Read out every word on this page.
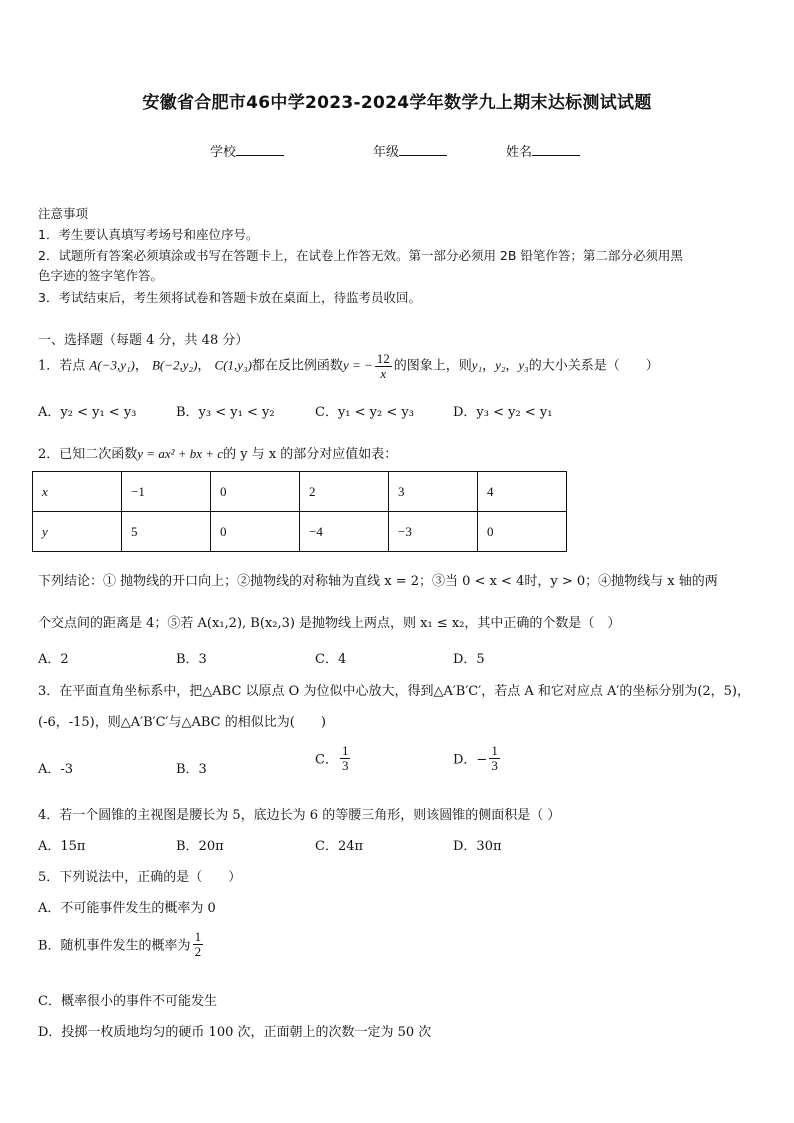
安徽省合肥市46中学2023-2024学年数学九上期末达标测试试题
学校	年级	姓名
注意事项
1．考生要认真填写考场号和座位序号。
2．试题所有答案必须填涂或书写在答题卡上，在试卷上作答无效。第一部分必须用 2B 铅笔作答；第二部分必须用黑
色字迹的签字笔作答。
3．考试结束后，考生须将试卷和答题卡放在桌面上，待监考员收回。
一、选择题（每题 4 分，共 48 分）
1．若点 A(−3,y₁)， B(−2,y₂)， C(1,y₃)都在反比例函数y = − $\frac{12}{x}$ 的图象上，则y₁，y₂，y₃的大小关系是（　　）
A．y₂ < y₁ < y₃	B．y₃ < y₁ < y₂	C．y₁ < y₂ < y₃	D．y₃ < y₂ < y₁
2．已知二次函数y = ax² + bx + c的 y 与 x 的部分对应值如表：
x	−1	0	2	3	4
y	5	0	−4	−3	0
下列结论：① 抛物线的开口向上；②抛物线的对称轴为直线 x = 2；③当 0 < x < 4时，y > 0；④抛物线与 x 轴的两
个交点间的距离是 4；⑤若 A(x₁,2), B(x₂,3) 是抛物线上两点，则 x₁ ≤ x₂，其中正确的个数是（　）
A．2	B．3	C．4	D．5
3．在平面直角坐标系中，把△ABC 以原点 O 为位似中心放大，得到△A′B′C′，若点 A 和它对应点 A′的坐标分别为(2，5)，
(-6，-15)，则△A′B′C′与△ABC 的相似比为(　　)
A．-3	B．3
C． $\frac{1}{3}$	D．− $\frac{1}{3}$
4．若一个圆锥的主视图是腰长为 5，底边长为 6 的等腰三角形，则该圆锥的侧面积是（ ）
A．15π	B．20π	C．24π	D．30π
5．下列说法中，正确的是（　　）
A．不可能事件发生的概率为 0
B．随机事件发生的概率为 $\frac{1}{2}$
C．概率很小的事件不可能发生
D．投掷一枚质地均匀的硬币 100 次，正面朝上的次数一定为 50 次
